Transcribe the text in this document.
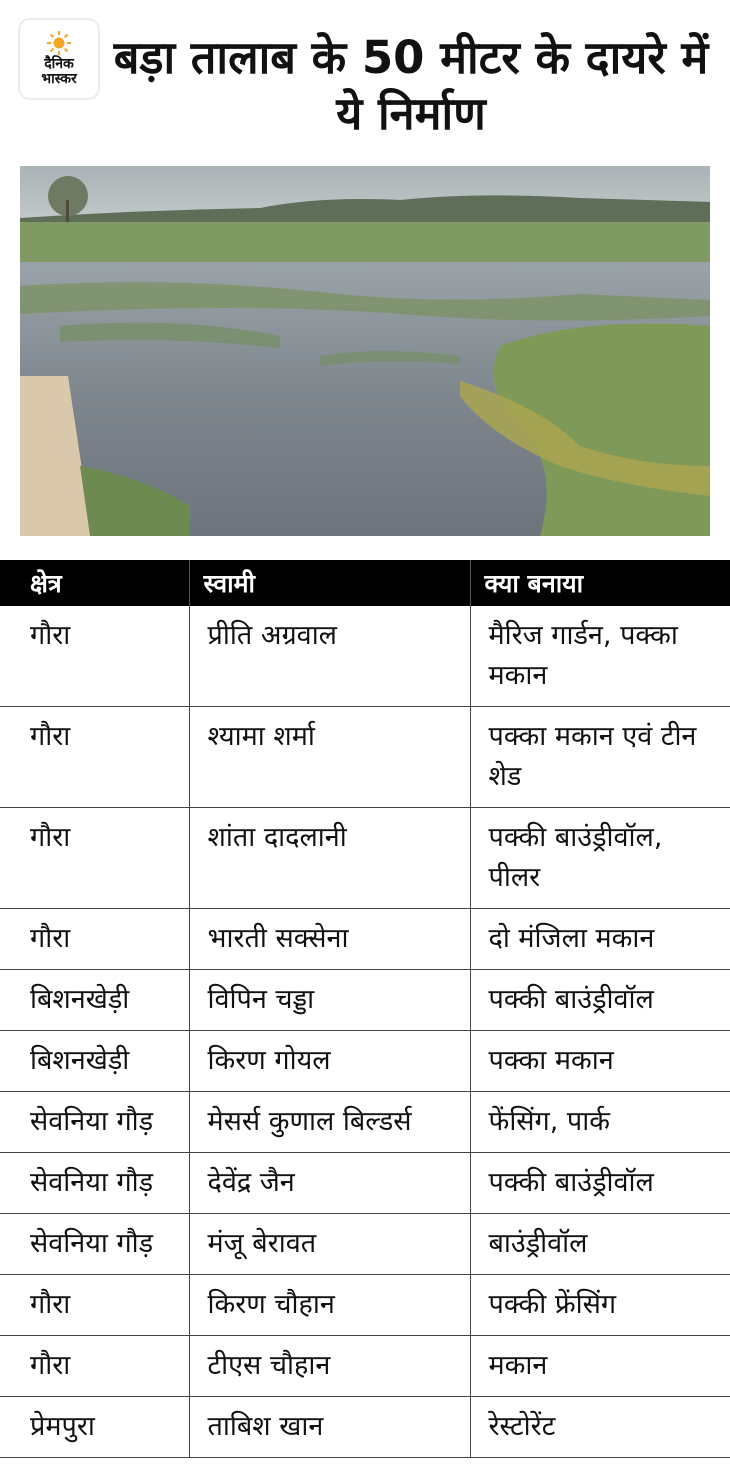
दैनिक
भास्कर बड़ा तालाब के 50 मीटर के दायरे में ये निर्माण
क्षेत्र	स्वामी	क्या बनाया
गौरा	प्रीति अग्रवाल	मैरिज गार्डन, पक्का मकान
गौरा	श्यामा शर्मा	पक्का मकान एवं टीन शेड
गौरा	शांता दादलानी	पक्की बाउंड्रीवॉल, पीलर
गौरा	भारती सक्सेना	दो मंजिला मकान
बिशनखेड़ी	विपिन चड्डा	पक्की बाउंड्रीवॉल
बिशनखेड़ी	किरण गोयल	पक्का मकान
सेवनिया गौड़	मेसर्स कुणाल बिल्डर्स	फेंसिंग, पार्क
सेवनिया गौड़	देवेंद्र जैन	पक्की बाउंड्रीवॉल
सेवनिया गौड़	मंजू बेरावत	बाउंड्रीवॉल
गौरा	किरण चौहान	पक्की फ्रेंसिंग
गौरा	टीएस चौहान	मकान
प्रेमपुरा	ताबिश खान	रेस्टोरेंट
